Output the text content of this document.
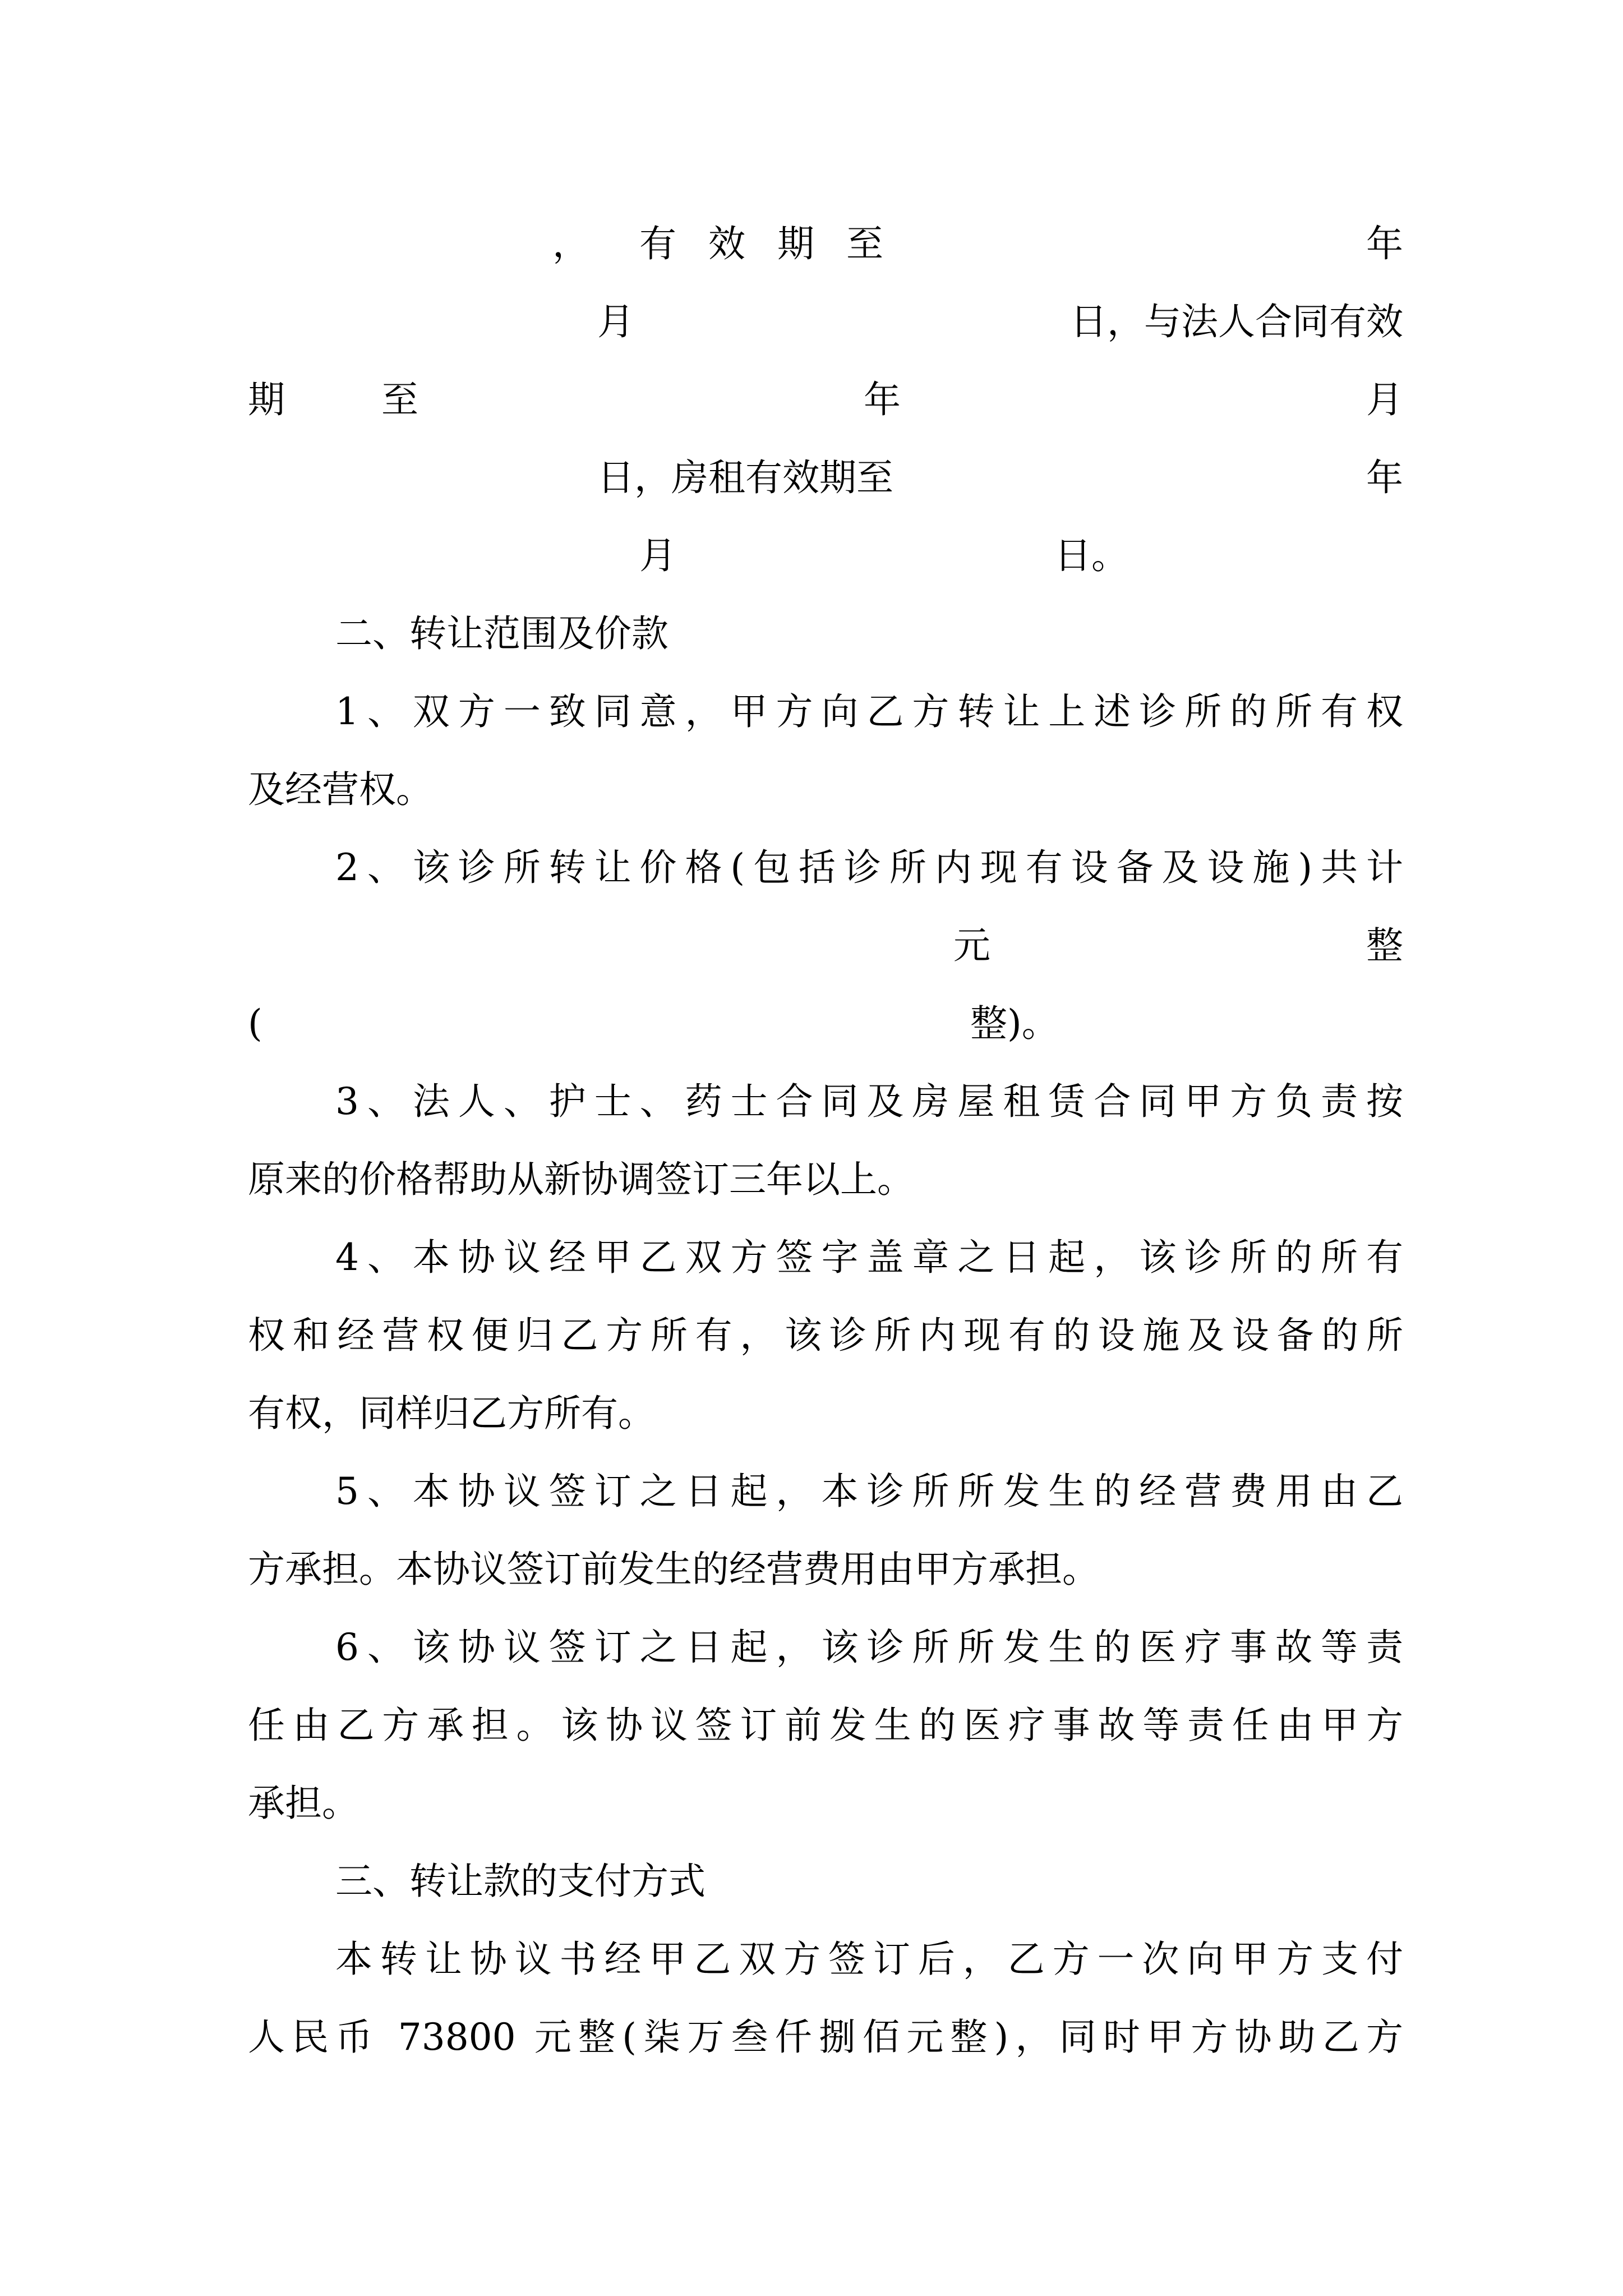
， 有 效 期 至	年
月	日，与法人合同有效
期	至	年	月
日，房租有效期至	年
月	日。
二、转让范围及价款
1、双方一致同意，甲方向乙方转让上述诊所的所有权
及经营权。
2、该诊所转让价格(包括诊所内现有设备及设施)共计
元	整
(	整)。
3、法人、护士、药士合同及房屋租赁合同甲方负责按
原来的价格帮助从新协调签订三年以上。
4、本协议经甲乙双方签字盖章之日起，该诊所的所有
权和经营权便归乙方所有，该诊所内现有的设施及设备的所
有权，同样归乙方所有。
5、本协议签订之日起，本诊所所发生的经营费用由乙
方承担。本协议签订前发生的经营费用由甲方承担。
6、该协议签订之日起，该诊所所发生的医疗事故等责
任由乙方承担。该协议签订前发生的医疗事故等责任由甲方
承担。
三、转让款的支付方式
本转让协议书经甲乙双方签订后，乙方一次向甲方支付
人民币 73800 元整(柒万叁仟捌佰元整)，同时甲方协助乙方
